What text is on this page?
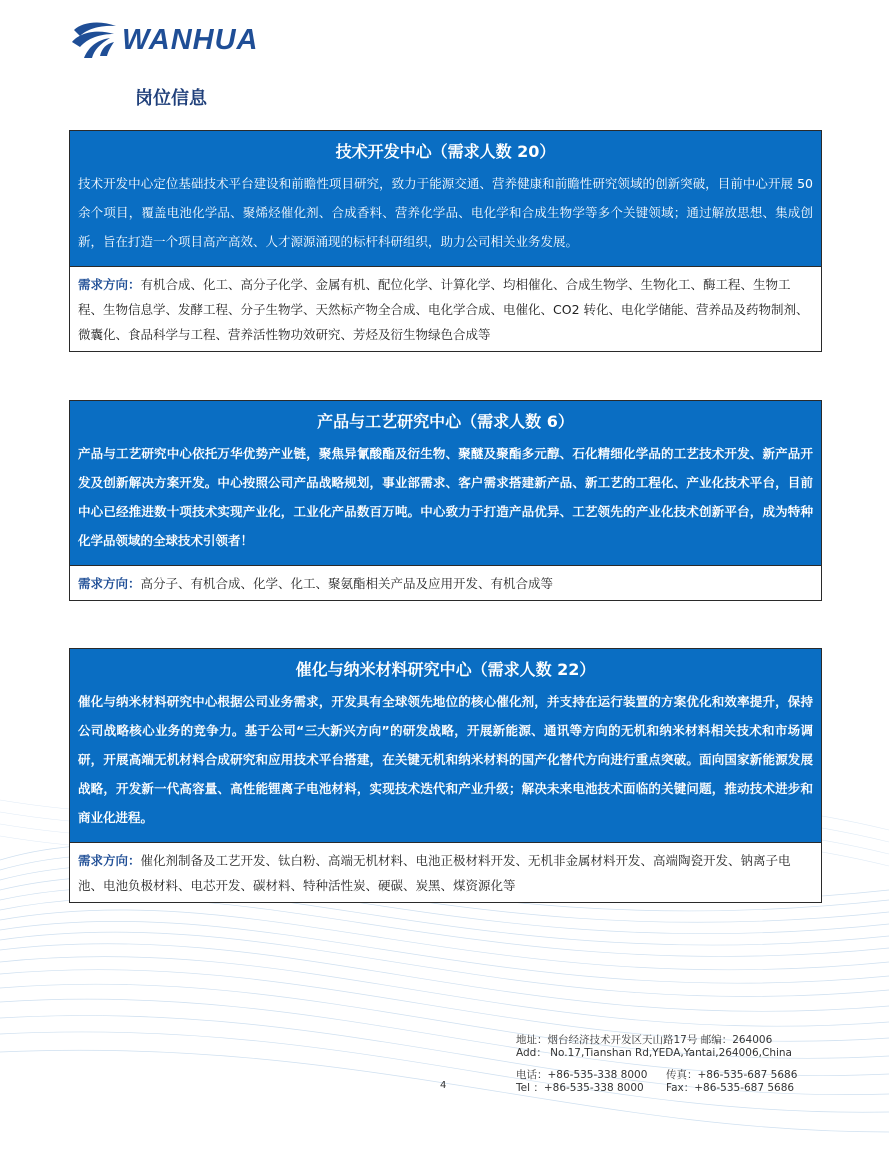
WANHUA
岗位信息
技术开发中心（需求人数 20）
技术开发中心定位基础技术平台建设和前瞻性项目研究，致力于能源交通、营养健康和前瞻性研究领域的创新突破，目前中心开展 50 余个项目，覆盖电池化学品、聚烯烃催化剂、合成香料、营养化学品、电化学和合成生物学等多个关键领域；通过解放思想、集成创新，旨在打造一个项目高产高效、人才源源涌现的标杆科研组织，助力公司相关业务发展。
需求方向：有机合成、化工、高分子化学、金属有机、配位化学、计算化学、均相催化、合成生物学、生物化工、酶工程、生物工程、生物信息学、发酵工程、分子生物学、天然标产物全合成、电化学合成、电催化、CO2 转化、电化学储能、营养品及药物制剂、微囊化、食品科学与工程、营养活性物功效研究、芳烃及衍生物绿色合成等
产品与工艺研究中心（需求人数 6）
产品与工艺研究中心依托万华优势产业链，聚焦异氰酸酯及衍生物、聚醚及聚酯多元醇、石化精细化学品的工艺技术开发、新产品开发及创新解决方案开发。中心按照公司产品战略规划，事业部需求、客户需求搭建新产品、新工艺的工程化、产业化技术平台，目前中心已经推进数十项技术实现产业化，工业化产品数百万吨。中心致力于打造产品优异、工艺领先的产业化技术创新平台，成为特种化学品领域的全球技术引领者！
需求方向：高分子、有机合成、化学、化工、聚氨酯相关产品及应用开发、有机合成等
催化与纳米材料研究中心（需求人数 22）
催化与纳米材料研究中心根据公司业务需求，开发具有全球领先地位的核心催化剂，并支持在运行装置的方案优化和效率提升，保持公司战略核心业务的竞争力。基于公司“三大新兴方向”的研发战略，开展新能源、通讯等方向的无机和纳米材料相关技术和市场调研，开展高端无机材料合成研究和应用技术平台搭建，在关键无机和纳米材料的国产化替代方向进行重点突破。面向国家新能源发展战略，开发新一代高容量、高性能锂离子电池材料，实现技术迭代和产业升级；解决未来电池技术面临的关键问题，推动技术进步和商业化进程。
需求方向：催化剂制备及工艺开发、钛白粉、高端无机材料、电池正极材料开发、无机非金属材料开发、高端陶瓷开发、钠离子电池、电池负极材料、电芯开发、碳材料、特种活性炭、硬碳、炭黑、煤资源化等
4
地址：烟台经济技术开发区天山路17号 邮编：264006
Add： No.17,Tianshan Rd,YEDA,Yantai,264006,China
电话：+86-535-338 8000 传真：+86-535-687 5686
Tel ：+86-535-338 8000 Fax：+86-535-687 5686
